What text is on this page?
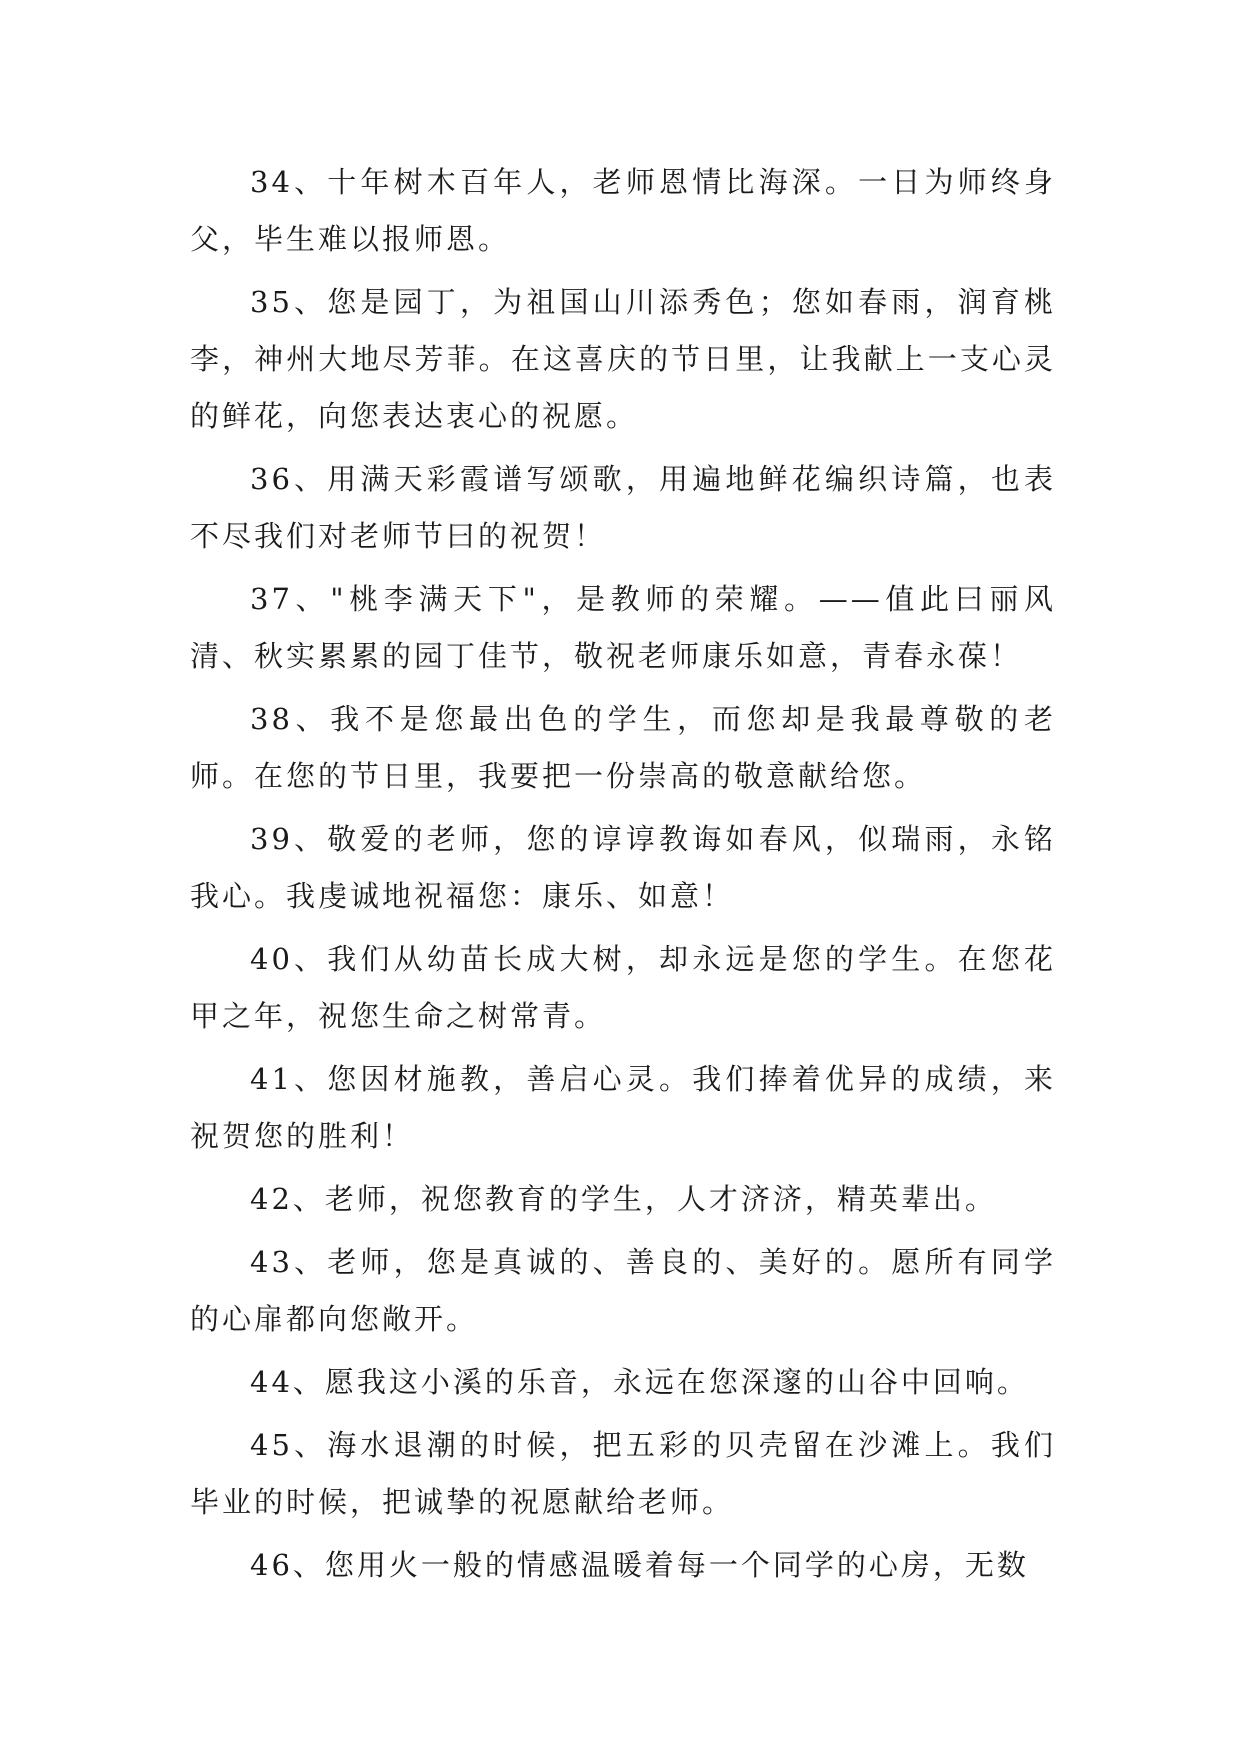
34、十年树木百年人，老师恩情比海深。一日为师终身父，毕生难以报师恩。

35、您是园丁，为祖国山川添秀色；您如春雨，润育桃李，神州大地尽芳菲。在这喜庆的节日里，让我献上一支心灵的鲜花，向您表达衷心的祝愿。

36、用满天彩霞谱写颂歌，用遍地鲜花编织诗篇，也表不尽我们对老师节曰的祝贺！

37、"桃李满天下"，是教师的荣耀。——值此曰丽风清、秋实累累的园丁佳节，敬祝老师康乐如意，青春永葆！

38、我不是您最出色的学生，而您却是我最尊敬的老师。在您的节日里，我要把一份崇高的敬意献给您。

39、敬爱的老师，您的谆谆教诲如春风，似瑞雨，永铭我心。我虔诚地祝福您：康乐、如意！

40、我们从幼苗长成大树，却永远是您的学生。在您花甲之年，祝您生命之树常青。

41、您因材施教，善启心灵。我们捧着优异的成绩，来祝贺您的胜利！

42、老师，祝您教育的学生，人才济济，精英辈出。

43、老师，您是真诚的、善良的、美好的。愿所有同学的心扉都向您敞开。

44、愿我这小溪的乐音，永远在您深邃的山谷中回响。

45、海水退潮的时候，把五彩的贝壳留在沙滩上。我们毕业的时候，把诚挚的祝愿献给老师。

46、您用火一般的情感温暖着每一个同学的心房，无数
